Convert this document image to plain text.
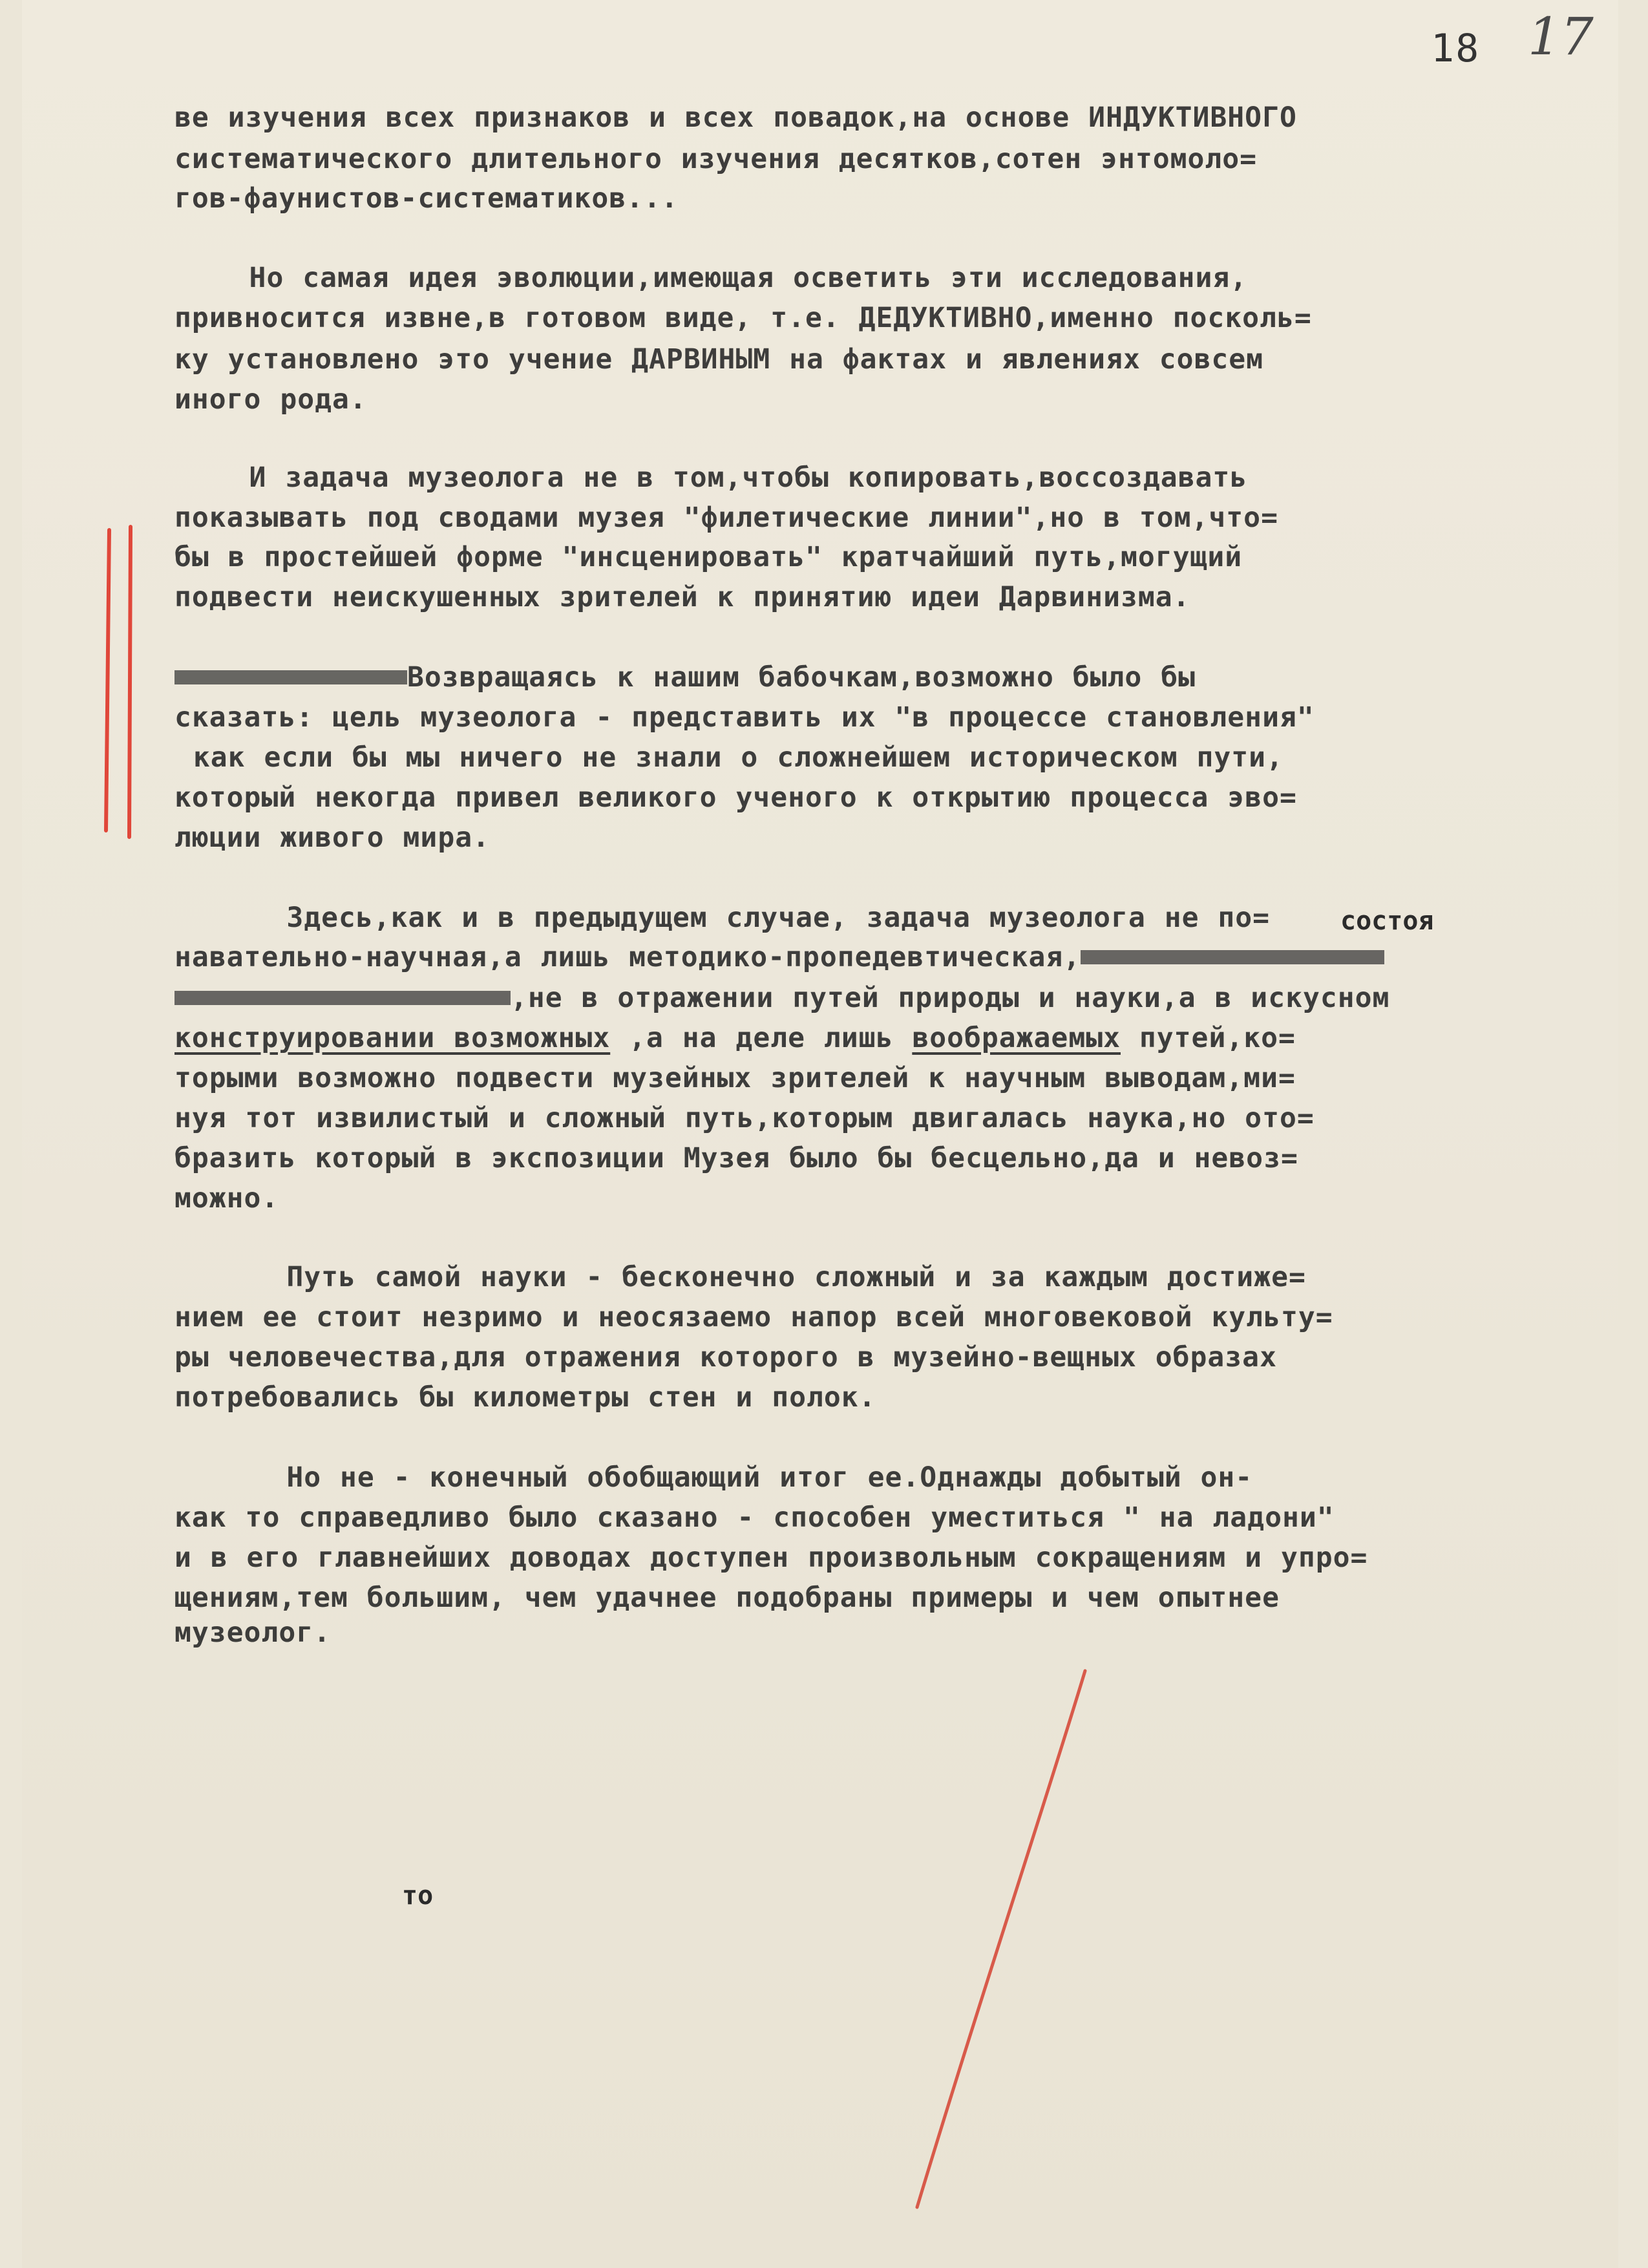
18 17
ве изучения всех признаков и всех повадок,на основе ИНДУКТИВНОГО
систематического длительного изучения десятков,сотен энтомоло=
гов-фаунистов-систематиков...
Но самая идея эволюции,имеющая осветить эти исследования,
привносится извне,в готовом виде, т.е. ДЕДУКТИВНО,именно посколь=
ку установлено это учение ДАРВИНЫМ на фактах и явлениях совсем
иного рода.
И задача музеолога не в том,чтобы копировать,воссоздавать
показывать под сводами музея "филетические линии",но в том,что=
бы в простейшей форме "инсценировать" кратчайший путь,могущий
подвести неискушенных зрителей к принятию идеи Дарвинизма.
Возвращаясь к нашим бабочкам,возможно было бы
сказать: цель музеолога - представить их "в процессе становления"
как если бы мы ничего не знали о сложнейшем историческом пути,
который некогда привел великого ученого к открытию процесса эво=
люции живого мира.
Здесь,как и в предыдущем случае, задача музеолога не по=
навательно-научная,а лишь методико-пропедевтическая,
,не в отражении путей природы и науки,а в искусном
конструировании возможных ,а на деле лишь воображаемых путей,ко=
торыми возможно подвести музейных зрителей к научным выводам,ми=
нуя тот извилистый и сложный путь,которым двигалась наука,но ото=
бразить который в экспозиции Музея было бы бесцельно,да и невоз=
можно.
Путь самой науки - бесконечно сложный и за каждым достиже=
нием ее стоит незримо и неосязаемо напор всей многовековой культу=
ры человечества,для отражения которого в музейно-вещных образах
потребовались бы километры стен и полок.
Но не - конечный обобщающий итог ее.Однажды добытый он-
как то справедливо было сказано - способен уместиться " на ладони"
и в его главнейших доводах доступен произвольным сокращениям и упро=
щениям,тем большим, чем удачнее подобраны примеры и чем опытнее
музеолог.
состоя
то
